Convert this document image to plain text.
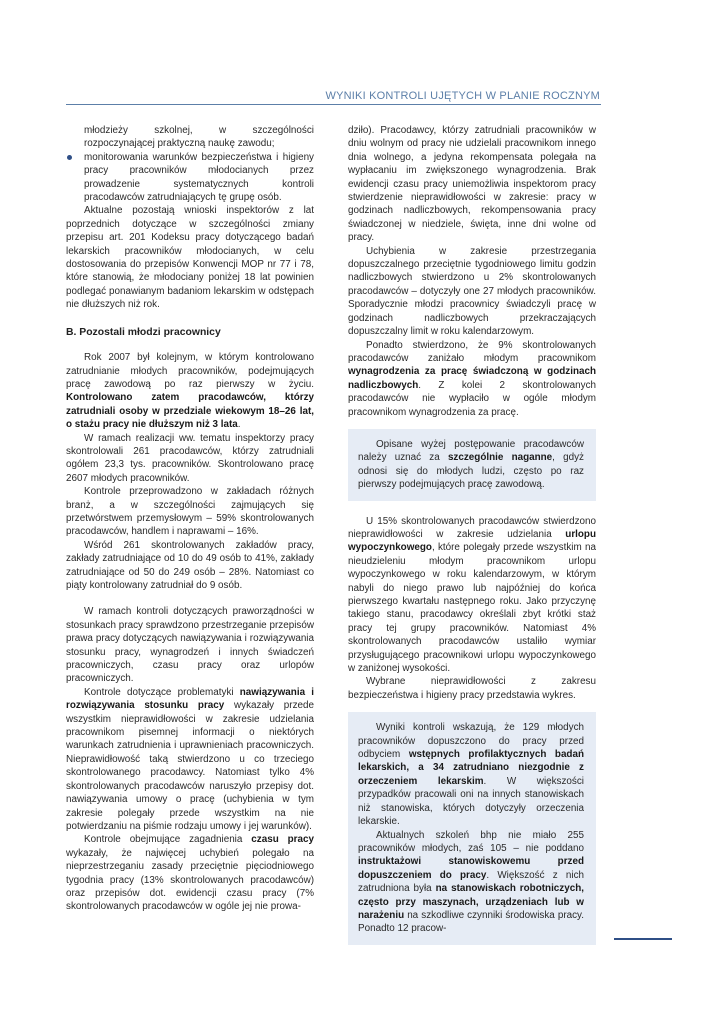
WYNIKI KONTROLI UJĘTYCH W PLANIE ROCZNYM
młodzieży szkolnej, w szczególności rozpoczynającej praktyczną naukę zawodu;
monitorowania warunków bezpieczeństwa i higieny pracy pracowników młodocianych przez prowadzenie systematycznych kontroli pracodawców zatrudniających tę grupę osób.

Aktualne pozostają wnioski inspektorów z lat poprzednich dotyczące w szczególności zmiany przepisu art. 201 Kodeksu pracy dotyczącego badań lekarskich pracowników młodocianych, w celu dostosowania do przepisów Konwencji MOP nr 77 i 78, które stanowią, że młodociany poniżej 18 lat powinien podlegać ponawianym badaniom lekarskim w odstępach nie dłuższych niż rok.

B. Pozostali młodzi pracownicy

Rok 2007 był kolejnym, w którym kontrolowano zatrudnianie młodych pracowników, podejmujących pracę zawodową po raz pierwszy w życiu. Kontrolowano zatem pracodawców, którzy zatrudniali osoby w przedziale wiekowym 18–26 lat, o stażu pracy nie dłuższym niż 3 lata.

W ramach realizacji ww. tematu inspektorzy pracy skontrolowali 261 pracodawców, którzy zatrudniali ogółem 23,3 tys. pracowników. Skontrolowano pracę 2607 młodych pracowników.

Kontrole przeprowadzono w zakładach różnych branż, a w szczególności zajmujących się przetwórstwem przemysłowym – 59% skontrolowanych pracodawców, handlem i naprawami – 16%.

Wśród 261 skontrolowanych zakładów pracy, zakłady zatrudniające od 10 do 49 osób to 41%, zakłady zatrudniające od 50 do 249 osób – 28%. Natomiast co piąty kontrolowany zatrudniał do 9 osób.

W ramach kontroli dotyczących praworządności w stosunkach pracy sprawdzono przestrzeganie przepisów prawa pracy dotyczących nawiązywania i rozwiązywania stosunku pracy, wynagrodzeń i innych świadczeń pracowniczych, czasu pracy oraz urlopów pracowniczych.

Kontrole dotyczące problematyki nawiązywania i rozwiązywania stosunku pracy wykazały przede wszystkim nieprawidłowości w zakresie udzielania pracownikom pisemnej informacji o niektórych warunkach zatrudnienia i uprawnieniach pracowniczych. Nieprawidłowość taką stwierdzono u co trzeciego skontrolowanego pracodawcy. Natomiast tylko 4% skontrolowanych pracodawców naruszyło przepisy dot. nawiązywania umowy o pracę (uchybienia w tym zakresie polegały przede wszystkim na nie potwierdzaniu na piśmie rodzaju umowy i jej warunków).

Kontrole obejmujące zagadnienia czasu pracy wykazały, że najwięcej uchybień polegało na nieprzestrzeganiu zasady przeciętnie pięciodniowego tygodnia pracy (13% skontrolowanych pracodawców) oraz przepisów dot. ewidencji czasu pracy (7% skontrolowanych pracodawców w ogóle jej nie prowa-

dziło). Pracodawcy, którzy zatrudniali pracowników w dniu wolnym od pracy nie udzielali pracownikom innego dnia wolnego, a jedyna rekompensata polegała na wypłacaniu im zwiększonego wynagrodzenia. Brak ewidencji czasu pracy uniemożliwia inspektorom pracy stwierdzenie nieprawidłowości w zakresie: pracy w godzinach nadliczbowych, rekompensowania pracy świadczonej w niedziele, święta, inne dni wolne od pracy.

Uchybienia w zakresie przestrzegania dopuszczalnego przeciętnie tygodniowego limitu godzin nadliczbowych stwierdzono u 2% skontrolowanych pracodawców – dotyczyły one 27 młodych pracowników. Sporadycznie młodzi pracownicy świadczyli pracę w godzinach nadliczbowych przekraczających dopuszczalny limit w roku kalendarzowym.

Ponadto stwierdzono, że 9% skontrolowanych pracodawców zaniżało młodym pracownikom wynagrodzenia za pracę świadczoną w godzinach nadliczbowych. Z kolei 2 skontrolowanych pracodawców nie wypłaciło w ogóle młodym pracownikom wynagrodzenia za pracę.

Opisane wyżej postępowanie pracodawców należy uznać za szczególnie naganne, gdyż odnosi się do młodych ludzi, często po raz pierwszy podejmujących pracę zawodową.

U 15% skontrolowanych pracodawców stwierdzono nieprawidłowości w zakresie udzielania urlopu wypoczynkowego, które polegały przede wszystkim na nieudzieleniu młodym pracownikom urlopu wypoczynkowego w roku kalendarzowym, w którym nabyli do niego prawo lub najpóźniej do końca pierwszego kwartału następnego roku. Jako przyczynę takiego stanu, pracodawcy określali zbyt krótki staż pracy tej grupy pracowników. Natomiast 4% skontrolowanych pracodawców ustaliło wymiar przysługującego pracownikowi urlopu wypoczynkowego w zaniżonej wysokości.

Wybrane nieprawidłowości z zakresu bezpieczeństwa i higieny pracy przedstawia wykres.

Wyniki kontroli wskazują, że 129 młodych pracowników dopuszczono do pracy przed odbyciem wstępnych profilaktycznych badań lekarskich, a 34 zatrudniano niezgodnie z orzeczeniem lekarskim. W większości przypadków pracowali oni na innych stanowiskach niż stanowiska, których dotyczyły orzeczenia lekarskie.

Aktualnych szkoleń bhp nie miało 255 pracowników młodych, zaś 105 – nie poddano instruktażowi stanowiskowemu przed dopuszczeniem do pracy. Większość z nich zatrudniona była na stanowiskach robotniczych, często przy maszynach, urządzeniach lub w narażeniu na szkodliwe czynniki środowiska pracy. Ponadto 12 pracow-
